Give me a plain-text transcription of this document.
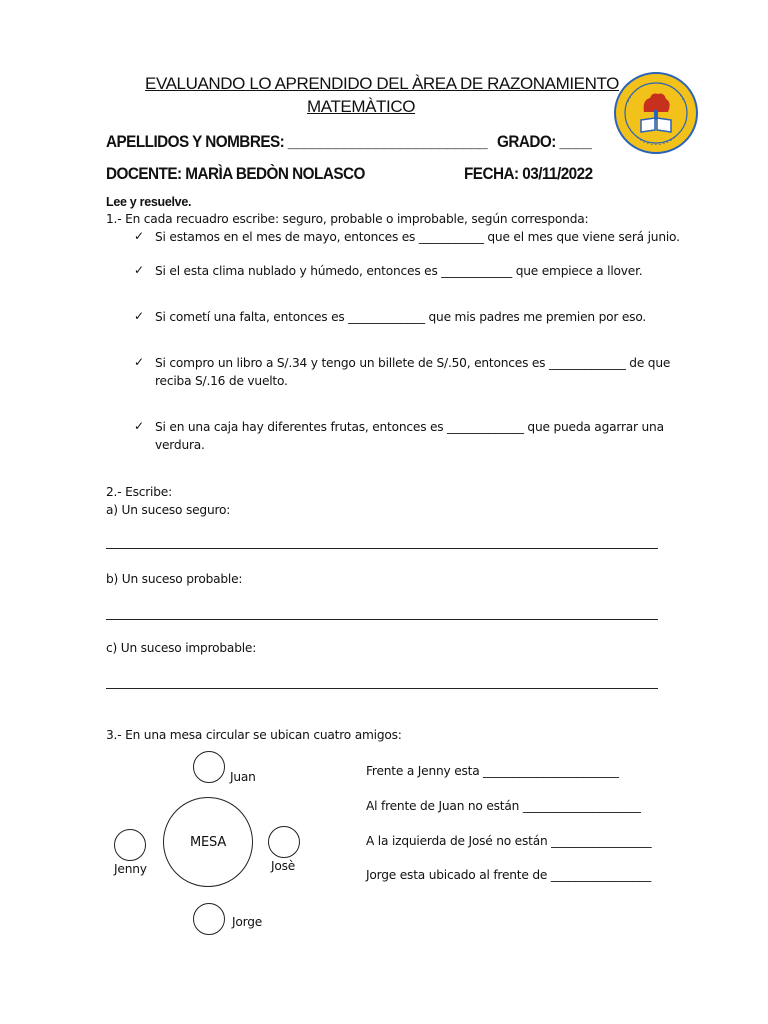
EVALUANDO LO APRENDIDO DEL ÀREA DE RAZONAMIENTO
MATEMÀTICO
APELLIDOS Y NOMBRES: _________________________ GRADO: ____
DOCENTE: MARÌA BEDÒN NOLASCO	FECHA: 03/11/2022
Lee y resuelve.
1.- En cada recuadro escribe: seguro, probable o improbable, según corresponda:
✓ Si estamos en el mes de mayo, entonces es ___________ que el mes que viene será junio.
✓ Si el esta clima nublado y húmedo, entonces es ____________ que empiece a llover.
✓ Si cometí una falta, entonces es _____________ que mis padres me premien por eso.
✓ Si compro un libro a S/.34 y tengo un billete de S/.50, entonces es _____________ de que
reciba S/.16 de vuelto.
✓ Si en una caja hay diferentes frutas, entonces es _____________ que pueda agarrar una
verdura.
2.- Escribe:
a) Un suceso seguro:
b) Un suceso probable:
c) Un suceso improbable:
3.- En una mesa circular se ubican cuatro amigos:
Juan
MESA
Jenny	Josè
Jorge
Frente a Jenny esta _______________________
Al frente de Juan no están ____________________
A la izquierda de José no están _________________
Jorge esta ubicado al frente de _________________
